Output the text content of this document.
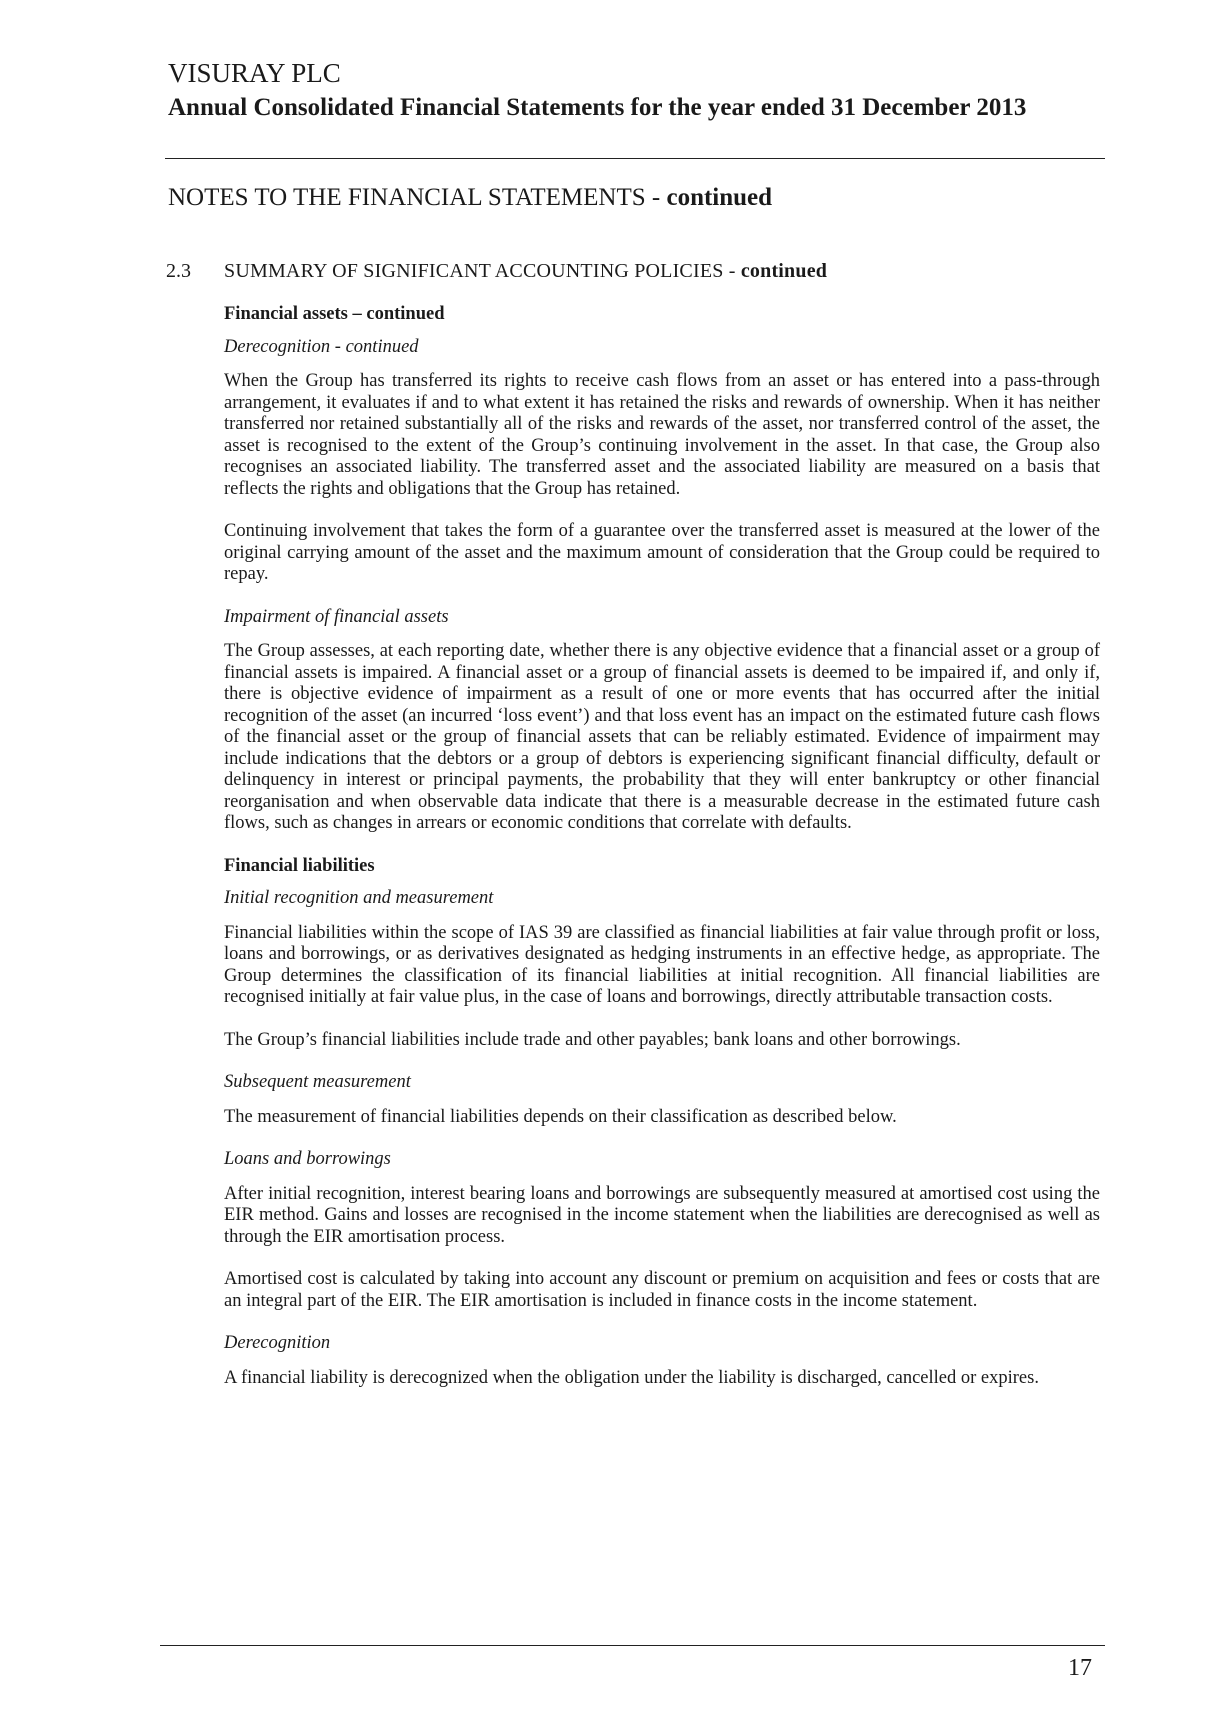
VISURAY PLC
Annual Consolidated Financial Statements for the year ended 31 December 2013
NOTES TO THE FINANCIAL STATEMENTS - continued
2.3 SUMMARY OF SIGNIFICANT ACCOUNTING POLICIES - continued

Financial assets – continued

Derecognition - continued

When the Group has transferred its rights to receive cash flows from an asset or has entered into a pass-through arrangement, it evaluates if and to what extent it has retained the risks and rewards of ownership. When it has neither transferred nor retained substantially all of the risks and rewards of the asset, nor transferred control of the asset, the asset is recognised to the extent of the Group’s continuing involvement in the asset. In that case, the Group also recognises an associated liability. The transferred asset and the associated liability are measured on a basis that reflects the rights and obligations that the Group has retained.

Continuing involvement that takes the form of a guarantee over the transferred asset is measured at the lower of the original carrying amount of the asset and the maximum amount of consideration that the Group could be required to repay.

Impairment of financial assets

The Group assesses, at each reporting date, whether there is any objective evidence that a financial asset or a group of financial assets is impaired. A financial asset or a group of financial assets is deemed to be impaired if, and only if, there is objective evidence of impairment as a result of one or more events that has occurred after the initial recognition of the asset (an incurred ‘loss event’) and that loss event has an impact on the estimated future cash flows of the financial asset or the group of financial assets that can be reliably estimated. Evidence of impairment may include indications that the debtors or a group of debtors is experiencing significant financial difficulty, default or delinquency in interest or principal payments, the probability that they will enter bankruptcy or other financial reorganisation and when observable data indicate that there is a measurable decrease in the estimated future cash flows, such as changes in arrears or economic conditions that correlate with defaults.

Financial liabilities

Initial recognition and measurement

Financial liabilities within the scope of IAS 39 are classified as financial liabilities at fair value through profit or loss, loans and borrowings, or as derivatives designated as hedging instruments in an effective hedge, as appropriate. The Group determines the classification of its financial liabilities at initial recognition. All financial liabilities are recognised initially at fair value plus, in the case of loans and borrowings, directly attributable transaction costs.

The Group’s financial liabilities include trade and other payables; bank loans and other borrowings.

Subsequent measurement

The measurement of financial liabilities depends on their classification as described below.

Loans and borrowings

After initial recognition, interest bearing loans and borrowings are subsequently measured at amortised cost using the EIR method. Gains and losses are recognised in the income statement when the liabilities are derecognised as well as through the EIR amortisation process.

Amortised cost is calculated by taking into account any discount or premium on acquisition and fees or costs that are an integral part of the EIR. The EIR amortisation is included in finance costs in the income statement.

Derecognition

A financial liability is derecognized when the obligation under the liability is discharged, cancelled or expires.

17
